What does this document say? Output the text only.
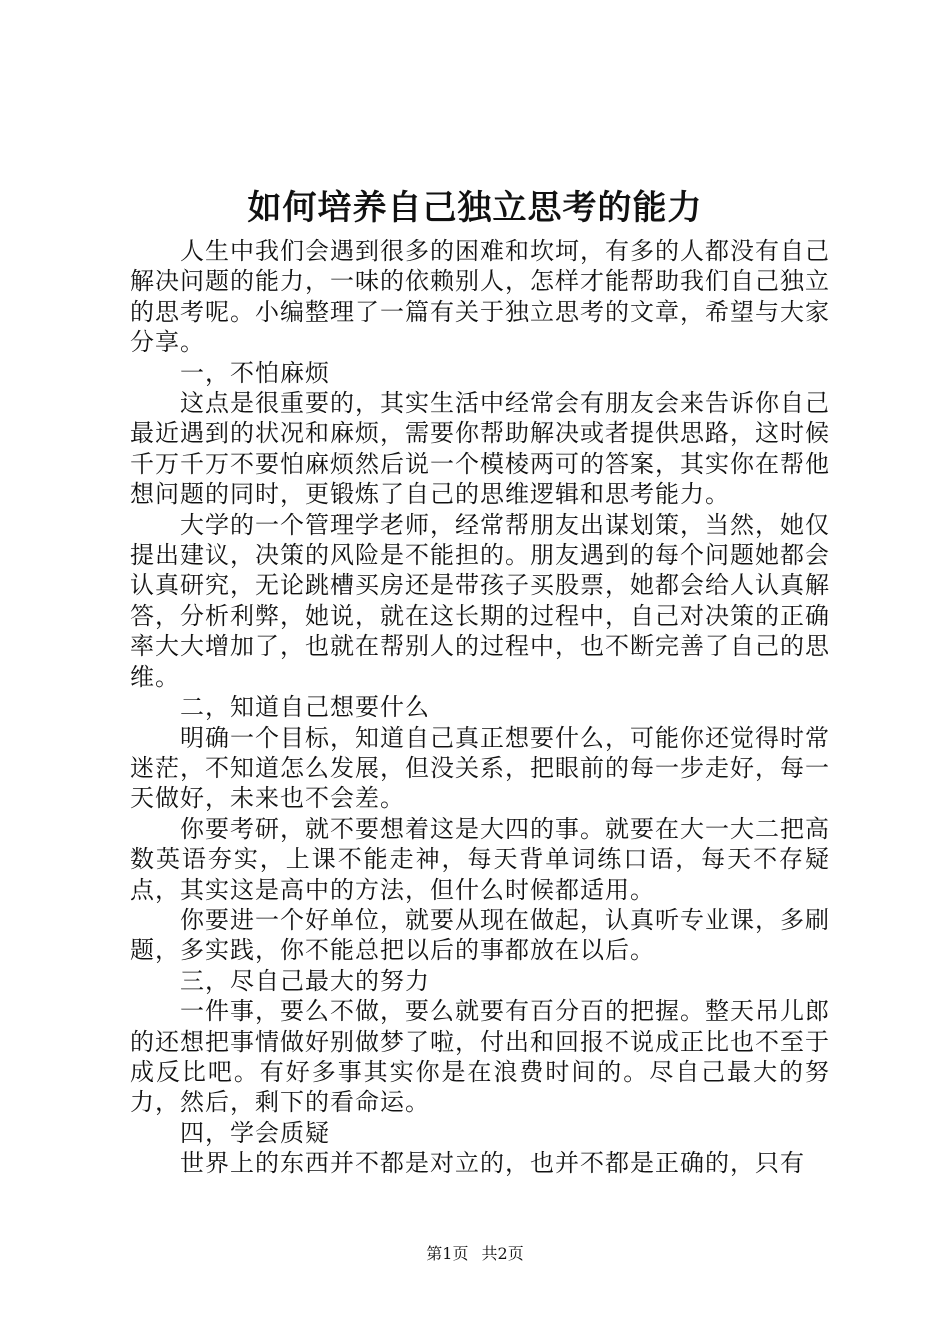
如何培养自己独立思考的能力

人生中我们会遇到很多的困难和坎坷，有多的人都没有自己解决问题的能力，一味的依赖别人，怎样才能帮助我们自己独立的思考呢。小编整理了一篇有关于独立思考的文章，希望与大家分享。

一，不怕麻烦

这点是很重要的，其实生活中经常会有朋友会来告诉你自己最近遇到的状况和麻烦，需要你帮助解决或者提供思路，这时候千万千万不要怕麻烦然后说一个模棱两可的答案，其实你在帮他想问题的同时，更锻炼了自己的思维逻辑和思考能力。

大学的一个管理学老师，经常帮朋友出谋划策，当然，她仅提出建议，决策的风险是不能担的。朋友遇到的每个问题她都会认真研究，无论跳槽买房还是带孩子买股票，她都会给人认真解答，分析利弊，她说，就在这长期的过程中，自己对决策的正确率大大增加了，也就在帮别人的过程中，也不断完善了自己的思维。

二，知道自己想要什么

明确一个目标，知道自己真正想要什么，可能你还觉得时常迷茫，不知道怎么发展，但没关系，把眼前的每一步走好，每一天做好，未来也不会差。

你要考研，就不要想着这是大四的事。就要在大一大二把高数英语夯实，上课不能走神，每天背单词练口语，每天不存疑点，其实这是高中的方法，但什么时候都适用。

你要进一个好单位，就要从现在做起，认真听专业课，多刷题，多实践，你不能总把以后的事都放在以后。

三，尽自己最大的努力

一件事，要么不做，要么就要有百分百的把握。整天吊儿郎的还想把事情做好别做梦了啦，付出和回报不说成正比也不至于成反比吧。有好多事其实你是在浪费时间的。尽自己最大的努力，然后，剩下的看命运。

四，学会质疑

世界上的东西并不都是对立的，也并不都是正确的，只有

第1页 共2页
